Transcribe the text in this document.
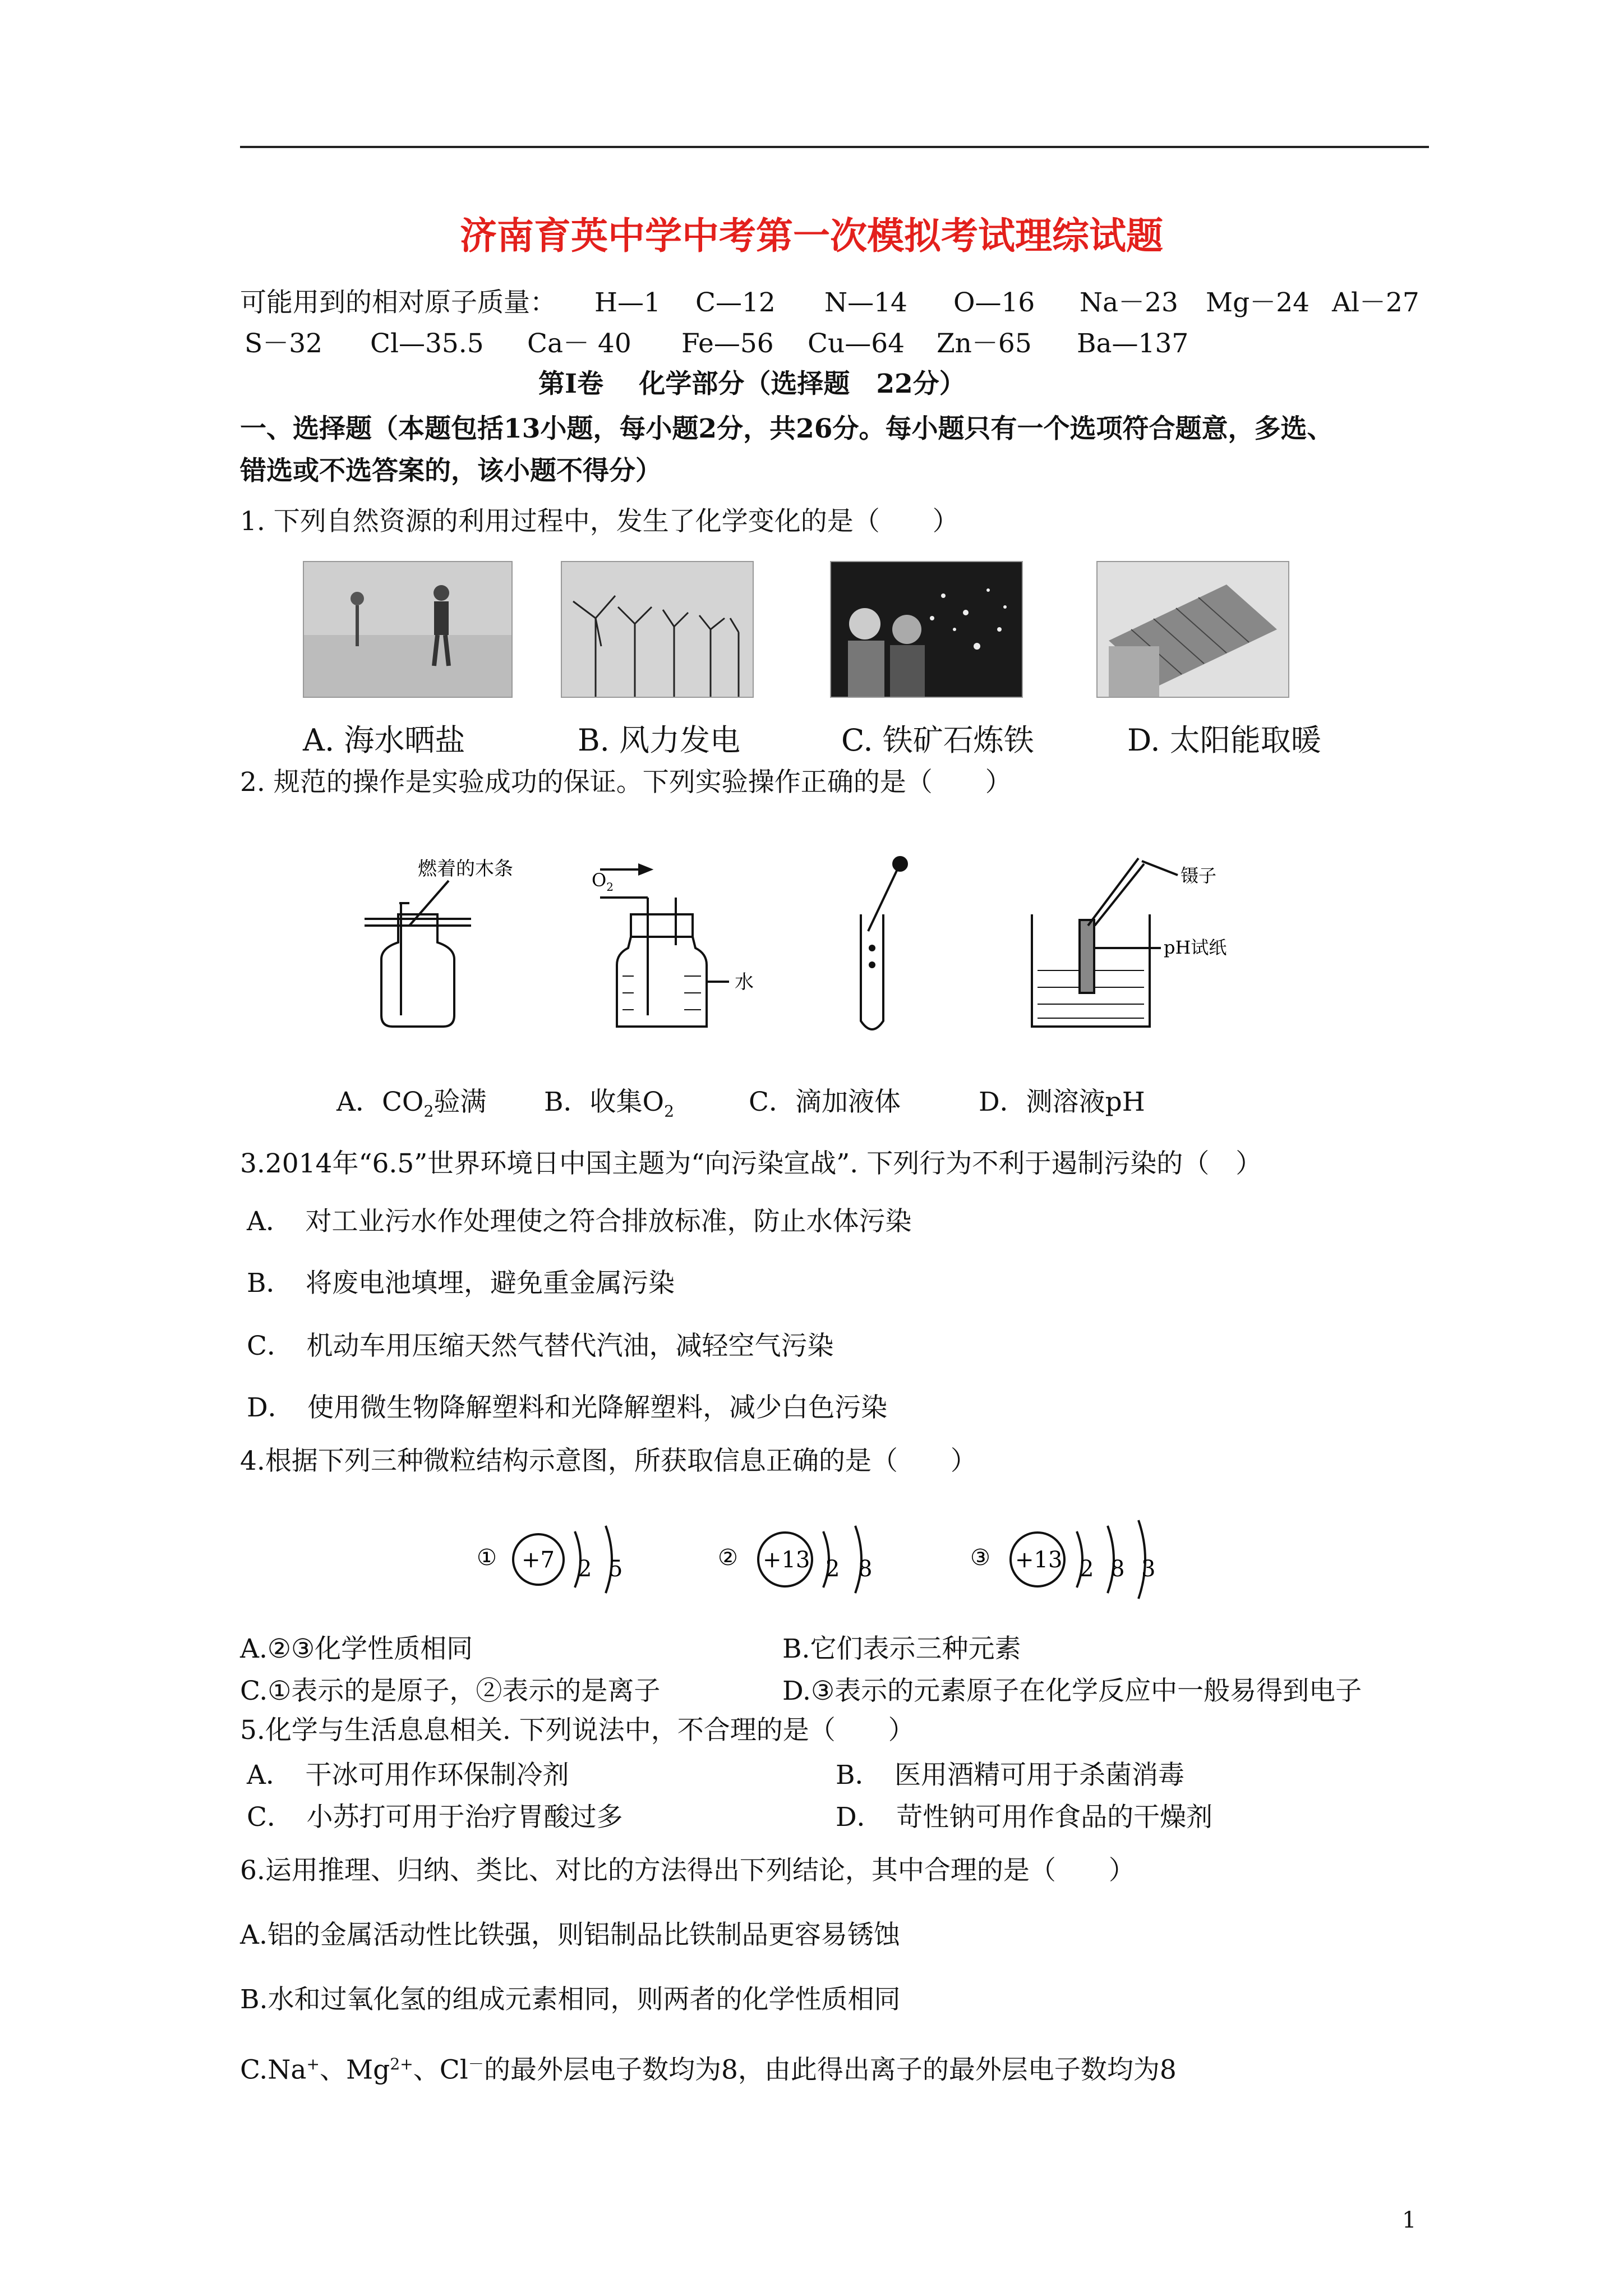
济南育英中学中考第一次模拟考试理综试题
可能用到的相对原子质量： H—1 C—12 N—14 O—16 Na－23 Mg－24 Al－27
S－32 Cl—35.5 Ca－ 40 Fe—56 Cu—64 Zn－65 Ba—137
第Ⅰ卷　 化学部分（选择题　22分）
一、选择题（本题包括13小题，每小题2分，共26分。每小题只有一个选项符合题意，多选、
错选或不选答案的，该小题不得分）
1. 下列自然资源的利用过程中，发生了化学变化的是（　　）
A. 海水晒盐	B. 风力发电	C. 铁矿石炼铁	D. 太阳能取暖
2. 规范的操作是实验成功的保证。下列实验操作正确的是（　　）
燃着的木条	$O_2$
水
镊子
pH试纸
A．$CO_2$验满 B．收集$O_2$	C．滴加液体	D．测溶液pH
3.2014年“6.5”世界环境日中国主题为“向污染宣战”. 下列行为不利于遏制污染的（　）
A．　对工业污水作处理使之符合排放标准，防止水体污染
B．　将废电池填埋，避免重金属污染
C．　机动车用压缩天然气替代汽油，减轻空气污染
D．　使用微生物降解塑料和光降解塑料，减少白色污染
4.根据下列三种微粒结构示意图，所获取信息正确的是（　　）
① +7 2 5	② +13 2 8	③ +13 2 8 3
A.②③化学性质相同	B.它们表示三种元素
C.①表示的是原子，②表示的是离子	D.③表示的元素原子在化学反应中一般易得到电子
5.化学与生活息息相关. 下列说法中，不合理的是（　　）
A．　干冰可用作环保制冷剂	B．　医用酒精可用于杀菌消毒
C．　小苏打可用于治疗胃酸过多	D．　苛性钠可用作食品的干燥剂
6.运用推理、归纳、类比、对比的方法得出下列结论，其中合理的是（　　）
A.铝的金属活动性比铁强，则铝制品比铁制品更容易锈蚀
B.水和过氧化氢的组成元素相同，则两者的化学性质相同
C.Na+、$Mg^{2+}$、Cl－的最外层电子数均为8，由此得出离子的最外层电子数均为8
1
